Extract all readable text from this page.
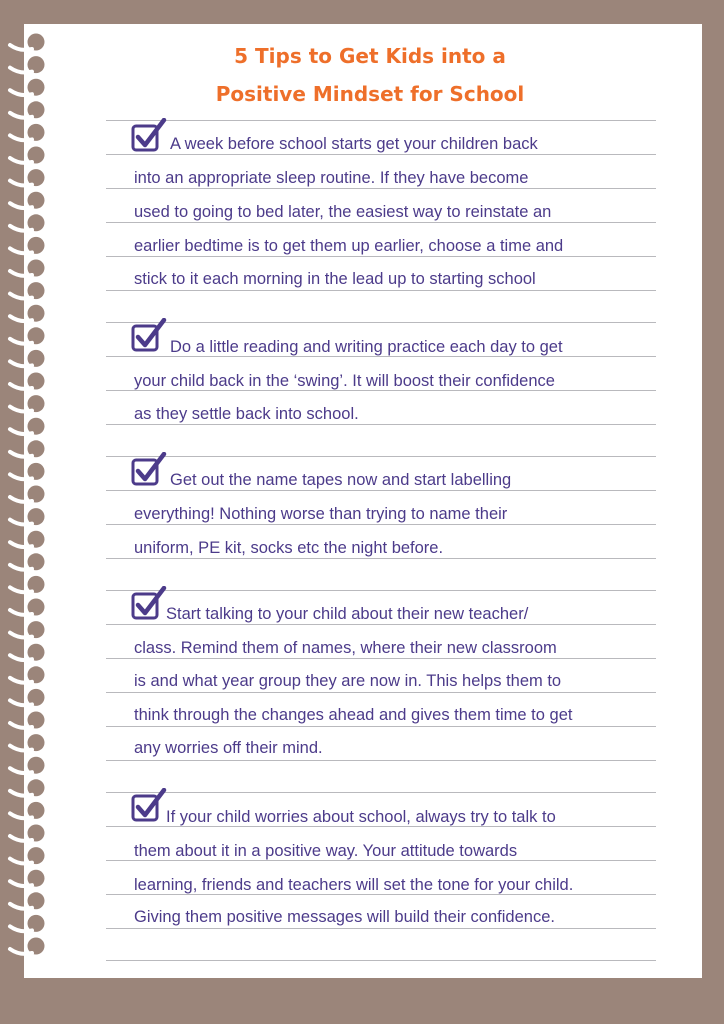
5 Tips to Get Kids into a
Positive Mindset for School
A week before school starts get your children back
into an appropriate sleep routine. If they have become
used to going to bed later, the easiest way to reinstate an
earlier bedtime is to get them up earlier, choose a time and
stick to it each morning in the lead up to starting school
Do a little reading and writing practice each day to get
your child back in the ‘swing’. It will boost their confidence
as they settle back into school.
Get out the name tapes now and start labelling
everything! Nothing worse than trying to name their
uniform, PE kit, socks etc the night before.
Start talking to your child about their new teacher/
class. Remind them of names, where their new classroom
is and what year group they are now in. This helps them to
think through the changes ahead and gives them time to get
any worries off their mind.
If your child worries about school, always try to talk to
them about it in a positive way. Your attitude towards
learning, friends and teachers will set the tone for your child.
Giving them positive messages will build their confidence.
